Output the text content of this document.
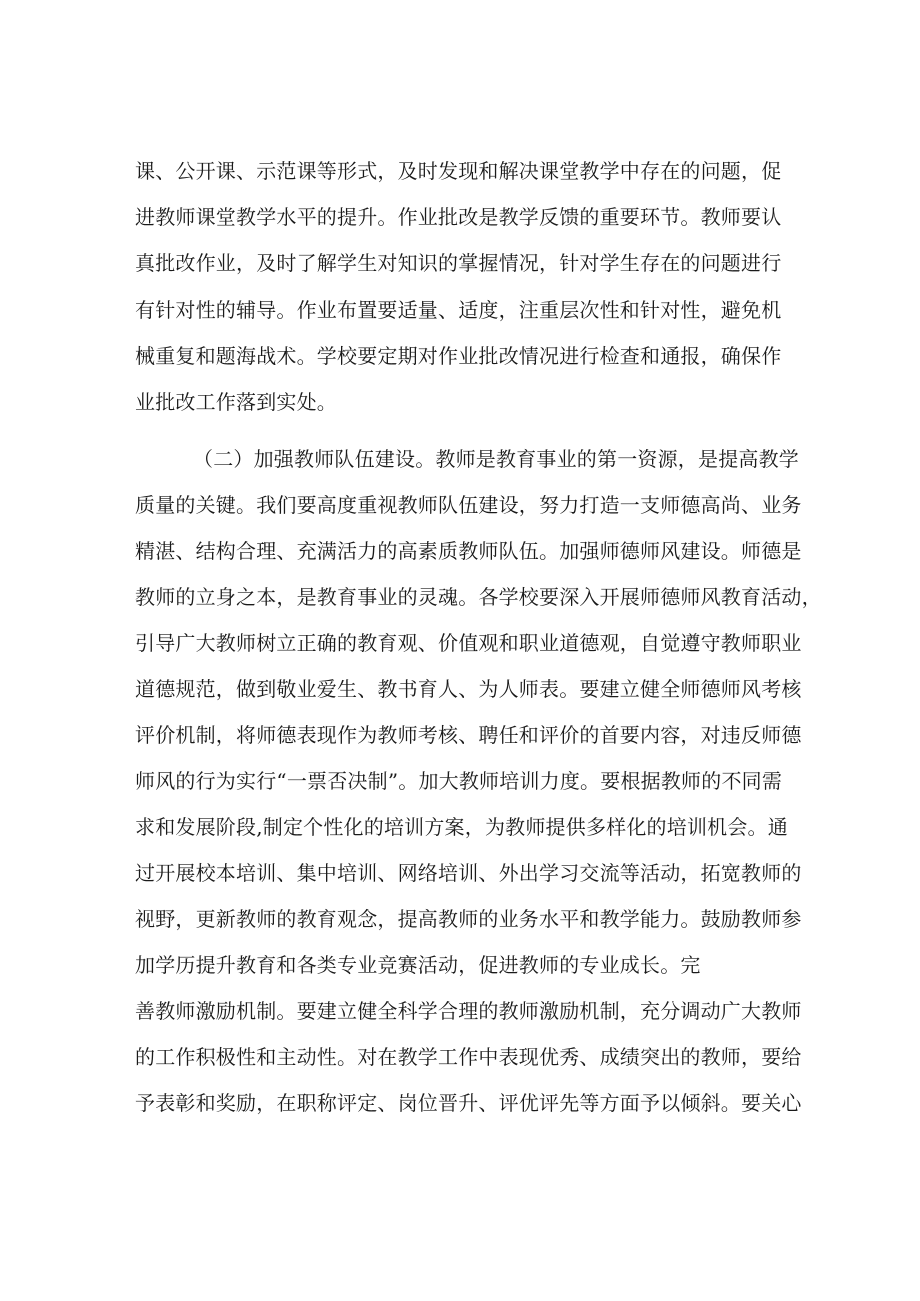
课、公开课、示范课等形式，及时发现和解决课堂教学中存在的问题，促
进教师课堂教学水平的提升。作业批改是教学反馈的重要环节。教师要认
真批改作业，及时了解学生对知识的掌握情况，针对学生存在的问题进行
有针对性的辅导。作业布置要适量、适度，注重层次性和针对性，避免机
械重复和题海战术。学校要定期对作业批改情况进行检查和通报，确保作
业批改工作落到实处。
（二）加强教师队伍建设。教师是教育事业的第一资源，是提高教学
质量的关键。我们要高度重视教师队伍建设，努力打造一支师德高尚、业务
精湛、结构合理、充满活力的高素质教师队伍。加强师德师风建设。师德是
教师的立身之本，是教育事业的灵魂。各学校要深入开展师德师风教育活动，
引导广大教师树立正确的教育观、价值观和职业道德观，自觉遵守教师职业
道德规范，做到敬业爱生、教书育人、为人师表。要建立健全师德师风考核
评价机制，将师德表现作为教师考核、聘任和评价的首要内容，对违反师德
师风的行为实行“一票否决制”。加大教师培训力度。要根据教师的不同需
求和发展阶段,制定个性化的培训方案，为教师提供多样化的培训机会。通
过开展校本培训、集中培训、网络培训、外出学习交流等活动，拓宽教师的
视野，更新教师的教育观念，提高教师的业务水平和教学能力。鼓励教师参
加学历提升教育和各类专业竞赛活动，促进教师的专业成长。完
善教师激励机制。要建立健全科学合理的教师激励机制，充分调动广大教师
的工作积极性和主动性。对在教学工作中表现优秀、成绩突出的教师，要给
予表彰和奖励，在职称评定、岗位晋升、评优评先等方面予以倾斜。要关心
